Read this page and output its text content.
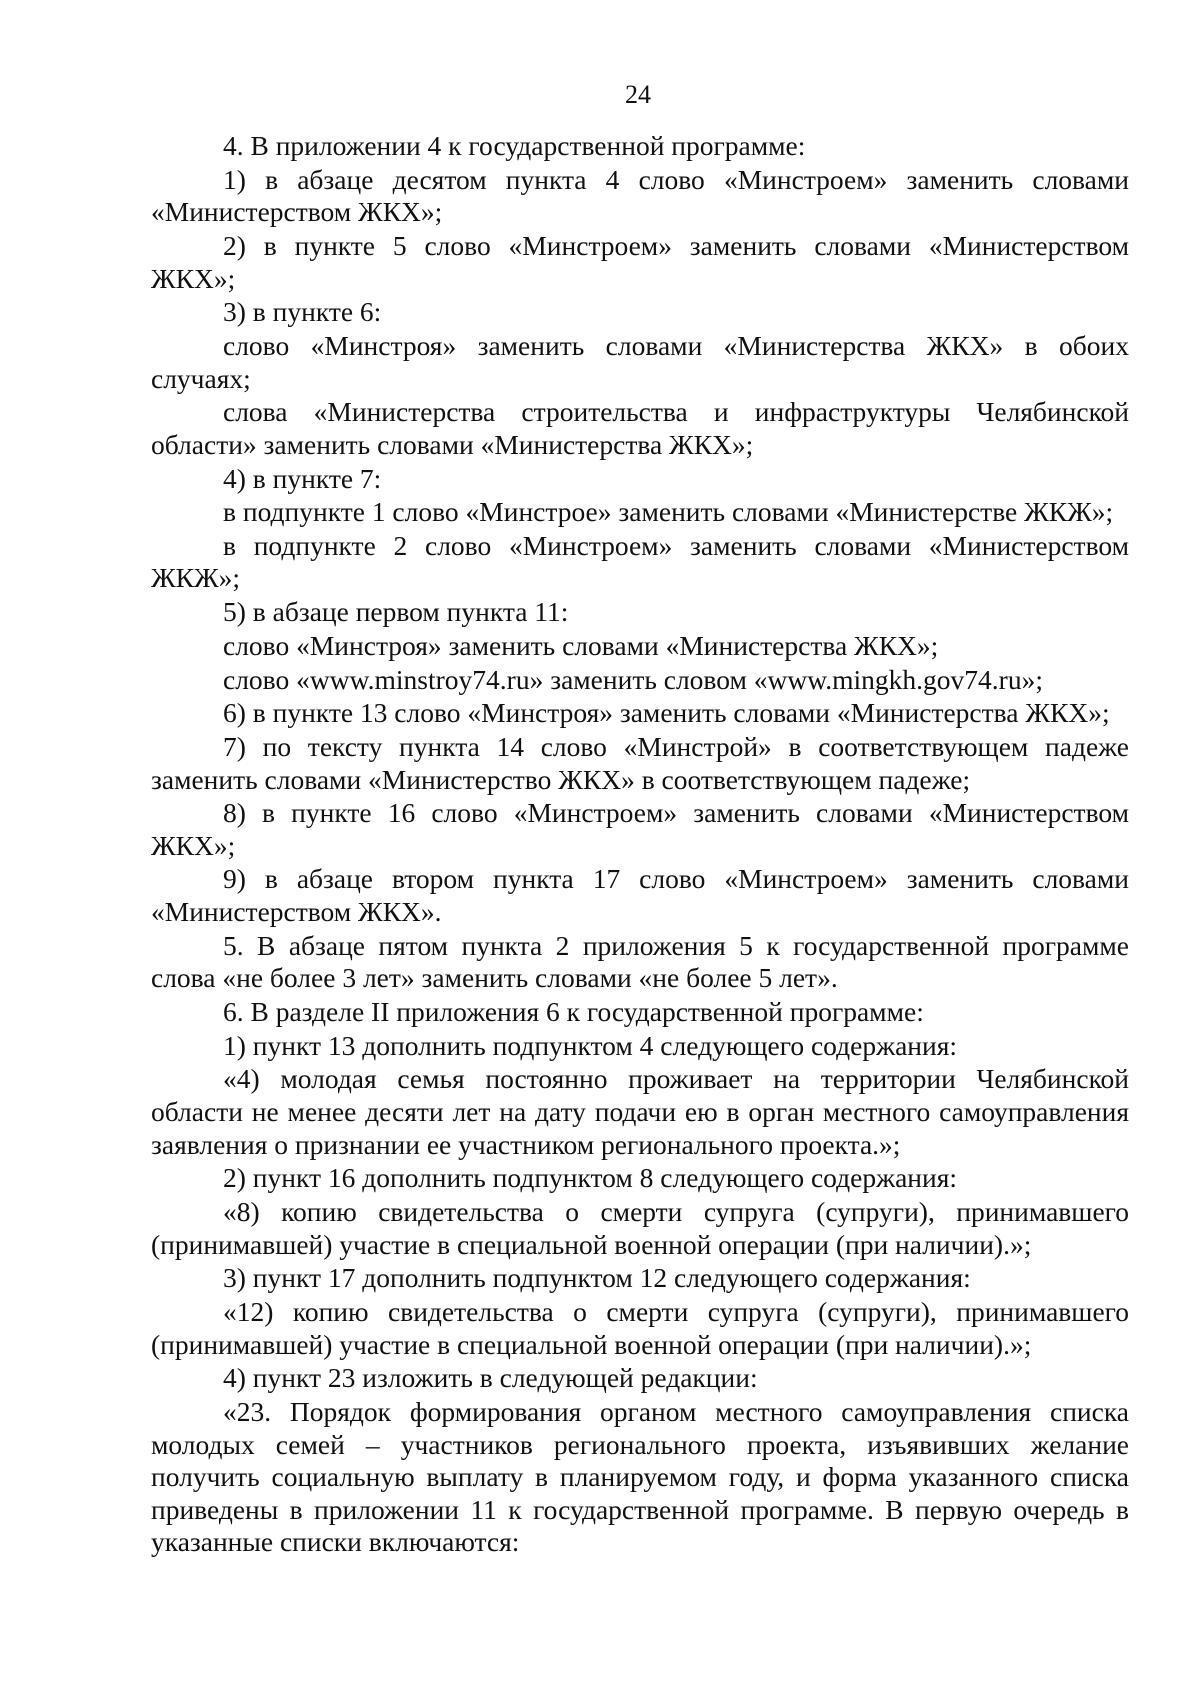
24

4. В приложении 4 к государственной программе:

1) в абзаце десятом пункта 4 слово «Минстроем» заменить словами «Министерством ЖКХ»;

2) в пункте 5 слово «Минстроем» заменить словами «Министерством ЖКХ»;

3) в пункте 6:

слово «Минстроя» заменить словами «Министерства ЖКХ» в обоих случаях;

слова «Министерства строительства и инфраструктуры Челябинской области» заменить словами «Министерства ЖКХ»;

4) в пункте 7:

в подпункте 1 слово «Минстрое» заменить словами «Министерстве ЖКЖ»;

в подпункте 2 слово «Минстроем» заменить словами «Министерством ЖКЖ»;

5) в абзаце первом пункта 11:

слово «Минстроя» заменить словами «Министерства ЖКХ»;

слово «www.minstroy74.ru» заменить словом «www.mingkh.gov74.ru»;

6) в пункте 13 слово «Минстроя» заменить словами «Министерства ЖКХ»;

7) по тексту пункта 14 слово «Минстрой» в соответствующем падеже заменить словами «Министерство ЖКХ» в соответствующем падеже;

8) в пункте 16 слово «Минстроем» заменить словами «Министерством ЖКХ»;

9) в абзаце втором пункта 17 слово «Минстроем» заменить словами «Министерством ЖКХ».

5. В абзаце пятом пункта 2 приложения 5 к государственной программе слова «не более 3 лет» заменить словами «не более 5 лет».

6. В разделе II приложения 6 к государственной программе:

1) пункт 13 дополнить подпунктом 4 следующего содержания:

«4) молодая семья постоянно проживает на территории Челябинской области не менее десяти лет на дату подачи ею в орган местного самоуправления заявления о признании ее участником регионального проекта.»;

2) пункт 16 дополнить подпунктом 8 следующего содержания:

«8) копию свидетельства о смерти супруга (супруги), принимавшего (принимавшей) участие в специальной военной операции (при наличии).»;

3) пункт 17 дополнить подпунктом 12 следующего содержания:

«12) копию свидетельства о смерти супруга (супруги), принимавшего (принимавшей) участие в специальной военной операции (при наличии).»;

4) пункт 23 изложить в следующей редакции:

«23. Порядок формирования органом местного самоуправления списка молодых семей – участников регионального проекта, изъявивших желание получить социальную выплату в планируемом году, и форма указанного списка приведены в приложении 11 к государственной программе. В первую очередь в указанные списки включаются:
